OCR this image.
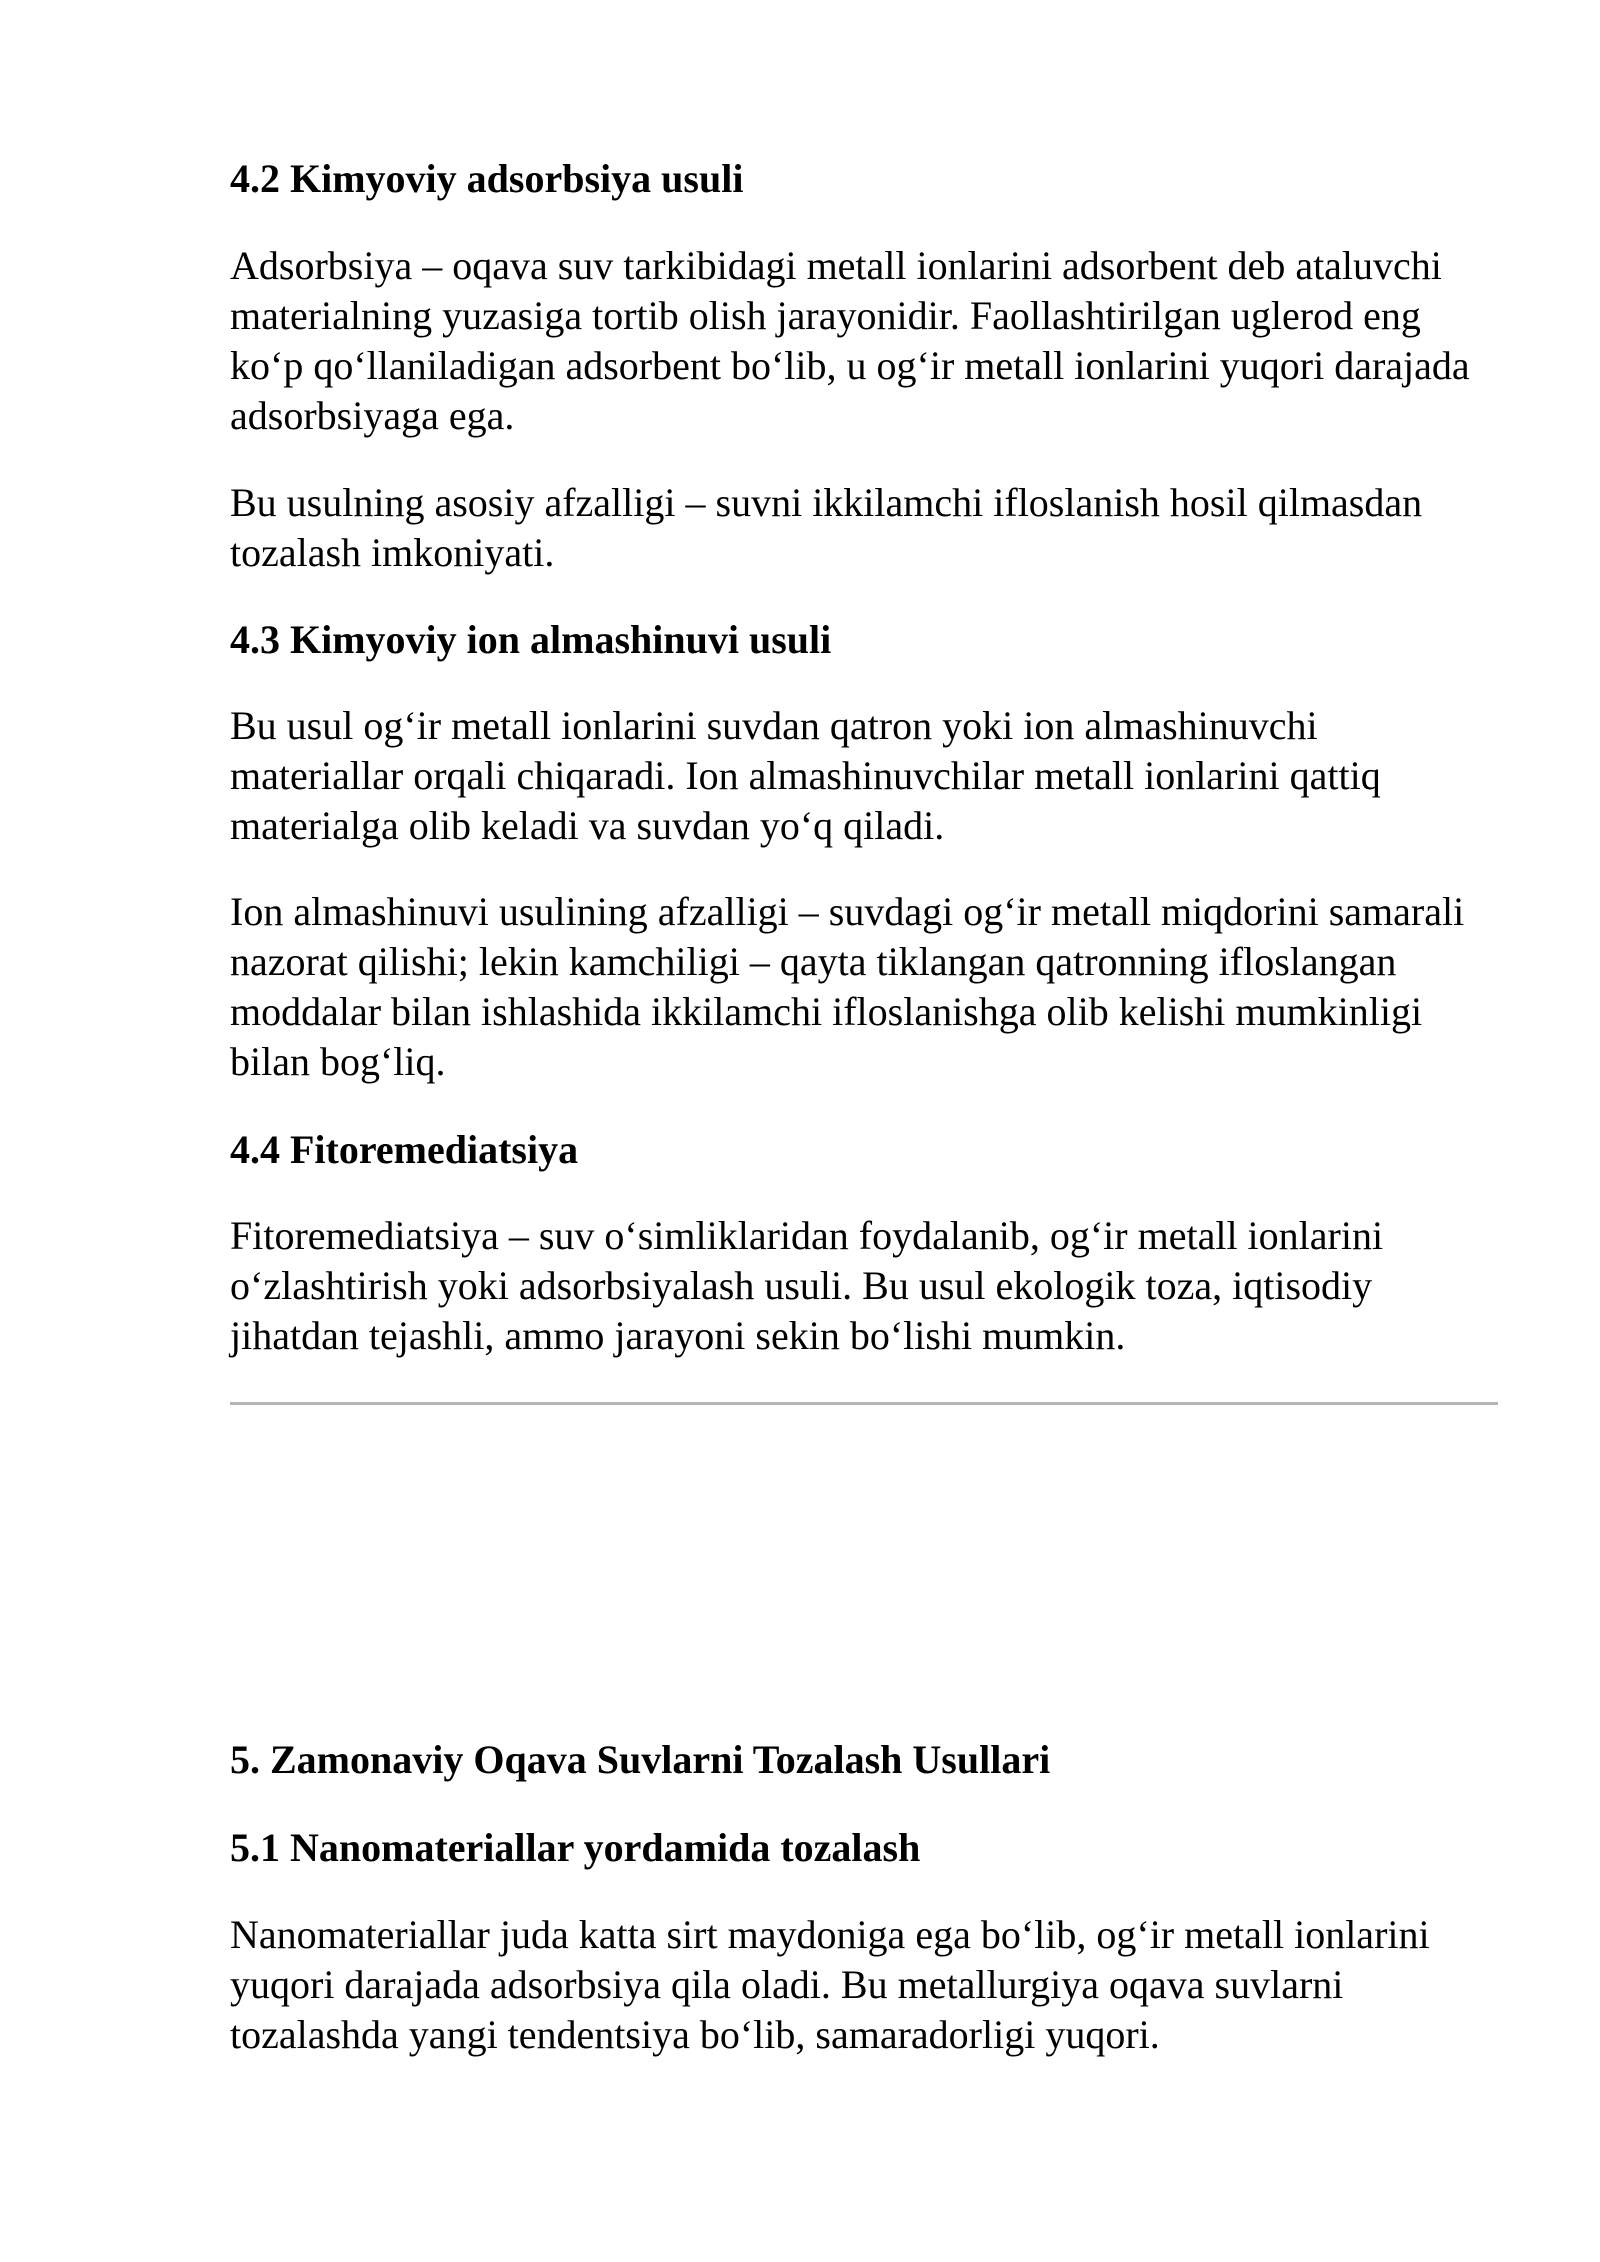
4.2 Kimyoviy adsorbsiya usuli

Adsorbsiya – oqava suv tarkibidagi metall ionlarini adsorbent deb ataluvchi materialning yuzasiga tortib olish jarayonidir. Faollashtirilgan uglerod eng ko‘p qo‘llaniladigan adsorbent bo‘lib, u og‘ir metall ionlarini yuqori darajada adsorbsiyaga ega.

Bu usulning asosiy afzalligi – suvni ikkilamchi ifloslanish hosil qilmasdan tozalash imkoniyati.

4.3 Kimyoviy ion almashinuvi usuli

Bu usul og‘ir metall ionlarini suvdan qatron yoki ion almashinuvchi materiallar orqali chiqaradi. Ion almashinuvchilar metall ionlarini qattiq materialga olib keladi va suvdan yo‘q qiladi.

Ion almashinuvi usulining afzalligi – suvdagi og‘ir metall miqdorini samarali nazorat qilishi; lekin kamchiligi – qayta tiklangan qatronning ifloslangan moddalar bilan ishlashida ikkilamchi ifloslanishga olib kelishi mumkinligi bilan bog‘liq.

4.4 Fitoremediatsiya

Fitoremediatsiya – suv o‘simliklaridan foydalanib, og‘ir metall ionlarini o‘zlashtirish yoki adsorbsiyalash usuli. Bu usul ekologik toza, iqtisodiy jihatdan tejashli, ammo jarayoni sekin bo‘lishi mumkin.

5. Zamonaviy Oqava Suvlarni Tozalash Usullari
5.1 Nanomateriallar yordamida tozalash

Nanomateriallar juda katta sirt maydoniga ega bo‘lib, og‘ir metall ionlarini yuqori darajada adsorbsiya qila oladi. Bu metallurgiya oqava suvlarni tozalashda yangi tendentsiya bo‘lib, samaradorligi yuqori.
